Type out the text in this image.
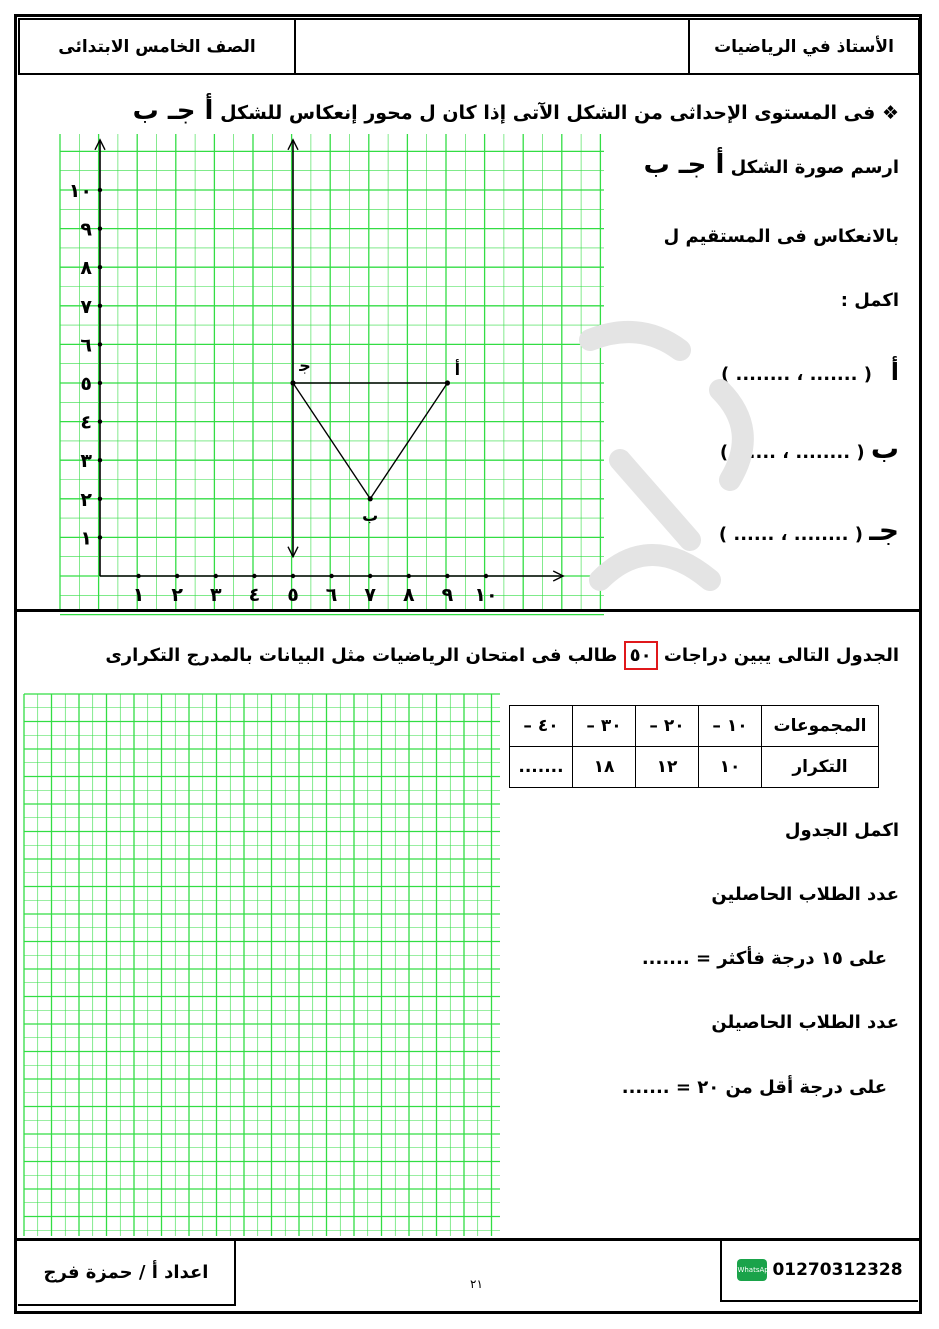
الصف الخامس الابتدائى	الأستاذ في الرياضيات
❖ فى المستوى الإحداثى من الشكل الآتى إذا كان ل محور إنعكاس للشكل ﺃ جـ ب
١ ٢ ٣ ٤ ٥ ٦ ٧ ٨ ٩ ١٠
١
٢
٣
٤
٥
٦
٧
٨
٩
١٠
ﺃ
ب
ﺟ
ارسم صورة الشكل ﺃ جـ ب
بالانعكاس فى المستقيم ل
اكمل :
ﺃ   ( ....... ، ........ )
ب ( ........ ، .......)
جـ ( ........ ، ...... )
الجدول التالى يبين دراجات ٥٠ طالب فى امتحان الرياضيات مثل البيانات بالمدرج التكرارى
المجموعات	١٠ –	٢٠ –	٣٠ –	٤٠ –
التكرار	١٠	١٢	١٨	.......
اكمل الجدول
عدد الطلاب الحاصلين
على ١٥ درجة فأكثر = .......
عدد الطلاب الحاصيلن
على درجة أقل من ٢٠ = .......
اعداد أ / حمزة فرج
٢١
WhatsApp 01270312328
